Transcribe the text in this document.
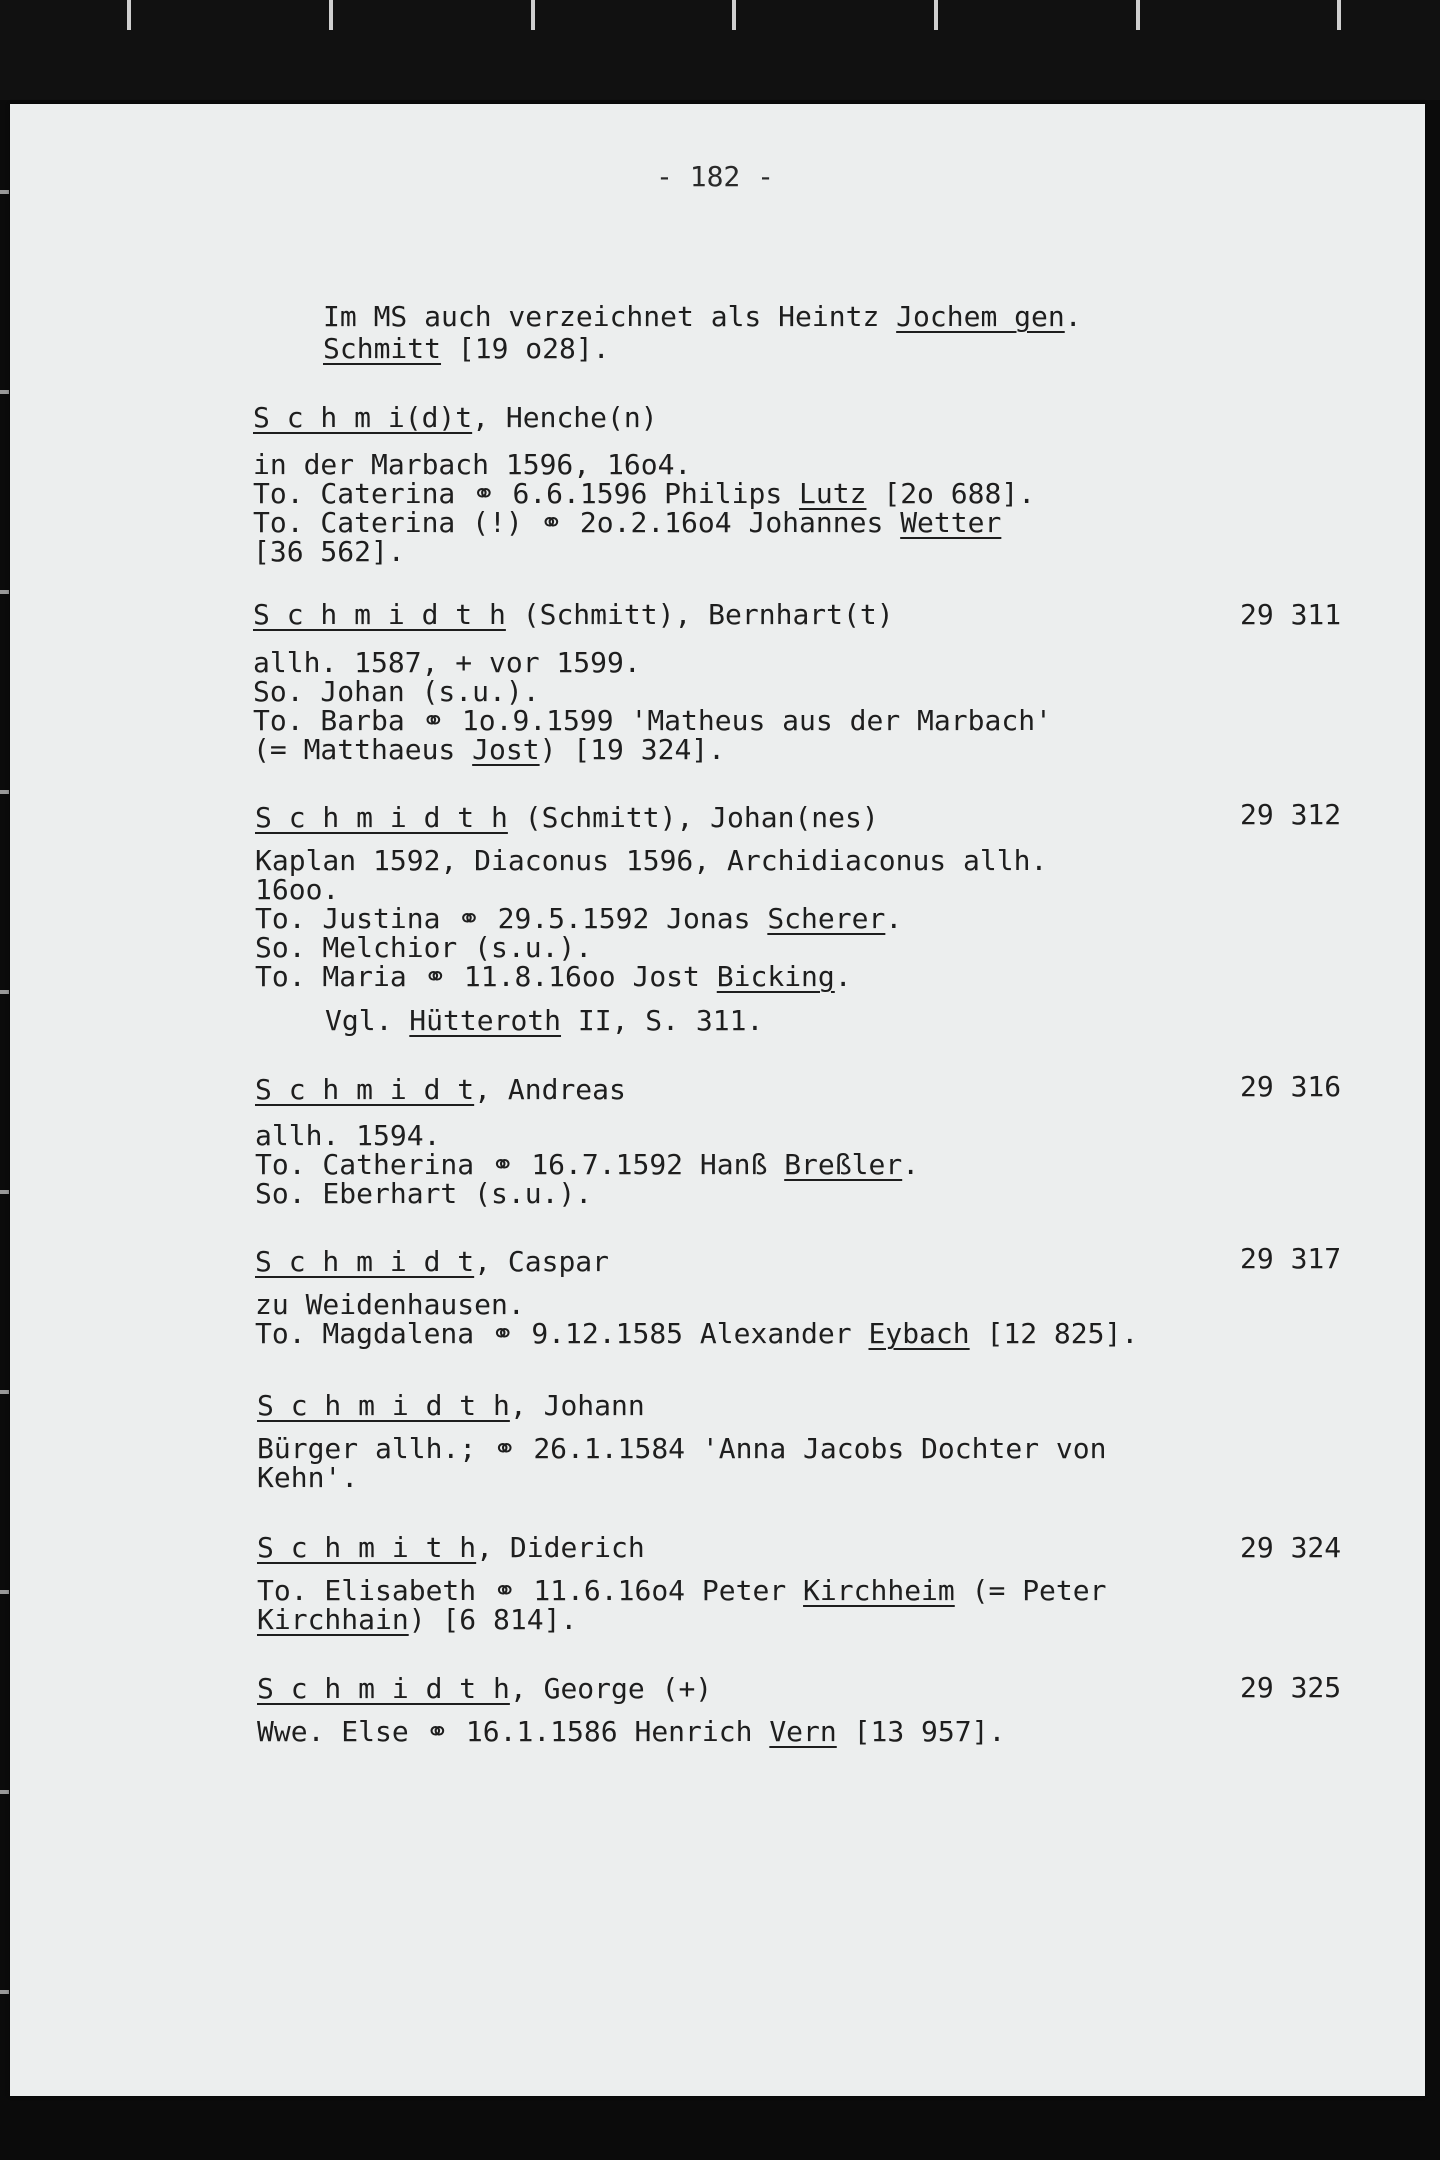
- 182 -
Im MS auch verzeichnet als Heintz Jochem gen.
Schmitt [19 o28].
S c h m i(d)t, Henche(n)
in der Marbach 1596, 16o4.
To. Caterina ⚭ 6.6.1596 Philips Lutz [2o 688].
To. Caterina (!) ⚭ 2o.2.16o4 Johannes Wetter
[36 562].
S c h m i d t h (Schmitt), Bernhart(t)	29 311
allh. 1587, + vor 1599.
So. Johan (s.u.).
To. Barba ⚭ 1o.9.1599 'Matheus aus der Marbach'
(= Matthaeus Jost) [19 324].
S c h m i d t h (Schmitt), Johan(nes)	29 312
Kaplan 1592, Diaconus 1596, Archidiaconus allh.
16oo.
To. Justina ⚭ 29.5.1592 Jonas Scherer.
So. Melchior (s.u.).
To. Maria ⚭ 11.8.16oo Jost Bicking.
Vgl. Hütteroth II, S. 311.
S c h m i d t, Andreas	29 316
allh. 1594.
To. Catherina ⚭ 16.7.1592 Hanß Breßler.
So. Eberhart (s.u.).
S c h m i d t, Caspar	29 317
zu Weidenhausen.
To. Magdalena ⚭ 9.12.1585 Alexander Eybach [12 825].
S c h m i d t h, Johann
Bürger allh.; ⚭ 26.1.1584 'Anna Jacobs Dochter von
Kehn'.
S c h m i t h, Diderich	29 324
To. Elisabeth ⚭ 11.6.16o4 Peter Kirchheim (= Peter
Kirchhain) [6 814].
S c h m i d t h, George (+)	29 325
Wwe. Else ⚭ 16.1.1586 Henrich Vern [13 957].
